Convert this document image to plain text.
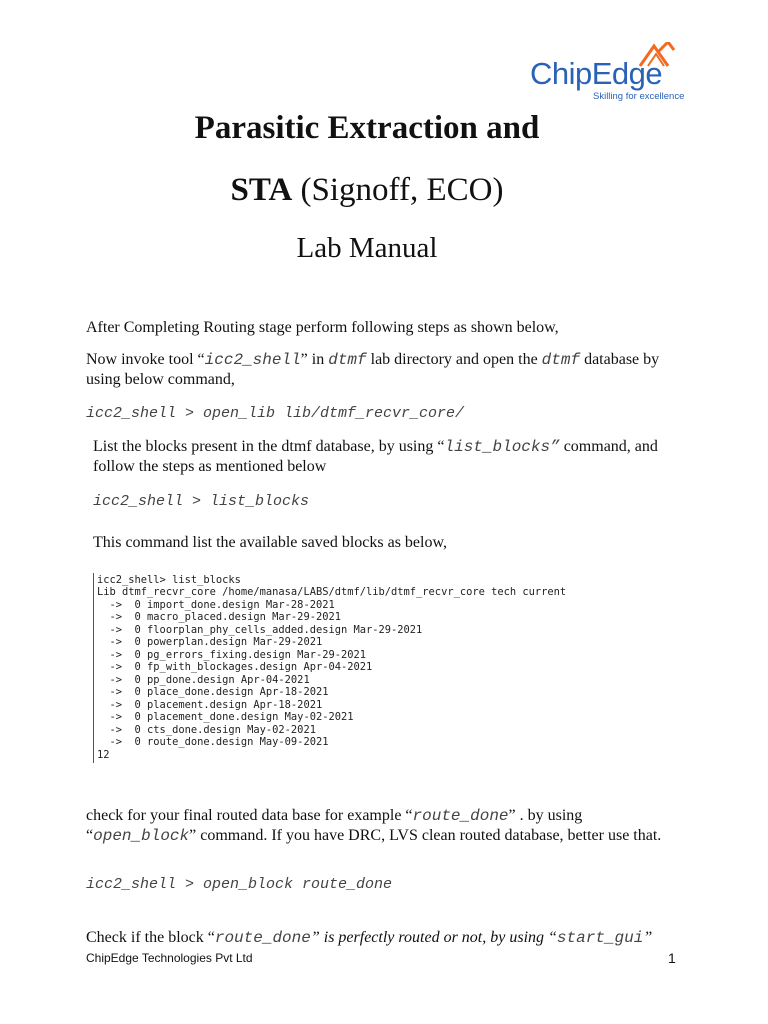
ChipEdge
Skilling for excellence
Parasitic Extraction and
STA (Signoff, ECO)
Lab Manual
After Completing Routing stage perform following steps as shown below,
Now invoke tool “icc2_shell” in dtmf lab directory and open the dtmf database by using below command,
icc2_shell > open_lib lib/dtmf_recvr_core/
List the blocks present in the dtmf database, by using “list_blocks” command, and follow the steps as mentioned below
icc2_shell > list_blocks
This command list the available saved blocks as below,
icc2_shell> list_blocks
Lib dtmf_recvr_core /home/manasa/LABS/dtmf/lib/dtmf_recvr_core tech current
->  0 import_done.design Mar-28-2021
->  0 macro_placed.design Mar-29-2021
->  0 floorplan_phy_cells_added.design Mar-29-2021
->  0 powerplan.design Mar-29-2021
->  0 pg_errors_fixing.design Mar-29-2021
->  0 fp_with_blockages.design Apr-04-2021
->  0 pp_done.design Apr-04-2021
->  0 place_done.design Apr-18-2021
->  0 placement.design Apr-18-2021
->  0 placement_done.design May-02-2021
->  0 cts_done.design May-02-2021
->  0 route_done.design May-09-2021
12
check for your final routed data base for example “route_done” . by using “open_block” command. If you have DRC, LVS clean routed database, better use that.
icc2_shell > open_block route_done
Check if the block “route_done” is perfectly routed or not, by using “start_gui”
ChipEdge Technologies Pvt Ltd	1
